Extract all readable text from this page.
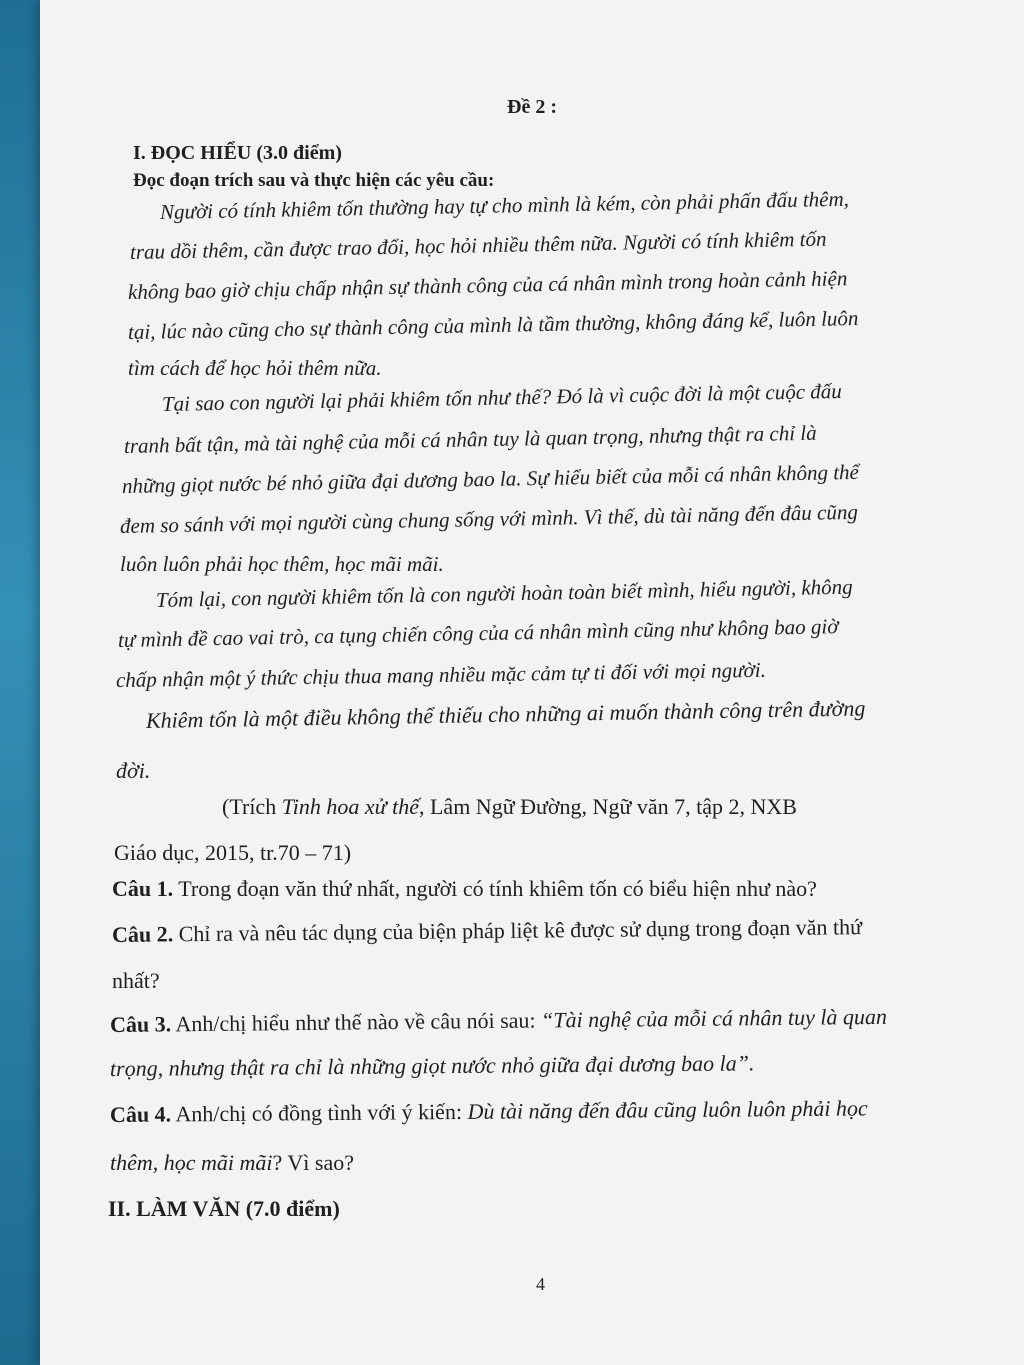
Đề 2 :
I. ĐỌC HIỂU (3.0 điểm)
Đọc đoạn trích sau và thực hiện các yêu cầu:
Người có tính khiêm tốn thường hay tự cho mình là kém, còn phải phấn đấu thêm,
trau dồi thêm, cần được trao đổi, học hỏi nhiều thêm nữa. Người có tính khiêm tốn
không bao giờ chịu chấp nhận sự thành công của cá nhân mình trong hoàn cảnh hiện
tại, lúc nào cũng cho sự thành công của mình là tầm thường, không đáng kể, luôn luôn
tìm cách để học hỏi thêm nữa.
Tại sao con người lại phải khiêm tốn như thế? Đó là vì cuộc đời là một cuộc đấu
tranh bất tận, mà tài nghệ của mỗi cá nhân tuy là quan trọng, nhưng thật ra chỉ là
những giọt nước bé nhỏ giữa đại dương bao la. Sự hiểu biết của mỗi cá nhân không thể
đem so sánh với mọi người cùng chung sống với mình. Vì thế, dù tài năng đến đâu cũng
luôn luôn phải học thêm, học mãi mãi.
Tóm lại, con người khiêm tốn là con người hoàn toàn biết mình, hiểu người, không
tự mình đề cao vai trò, ca tụng chiến công của cá nhân mình cũng như không bao giờ
chấp nhận một ý thức chịu thua mang nhiều mặc cảm tự ti đối với mọi người.
Khiêm tốn là một điều không thể thiếu cho những ai muốn thành công trên đường
đời.
(Trích Tinh hoa xử thế, Lâm Ngữ Đường, Ngữ văn 7, tập 2, NXB
Giáo dục, 2015, tr.70 – 71)
Câu 1. Trong đoạn văn thứ nhất, người có tính khiêm tốn có biểu hiện như nào?
Câu 2. Chỉ ra và nêu tác dụng của biện pháp liệt kê được sử dụng trong đoạn văn thứ
nhất?
Câu 3. Anh/chị hiểu như thế nào về câu nói sau: “Tài nghệ của mỗi cá nhân tuy là quan
trọng, nhưng thật ra chỉ là những giọt nước nhỏ giữa đại dương bao la”.
Câu 4. Anh/chị có đồng tình với ý kiến: Dù tài năng đến đâu cũng luôn luôn phải học
thêm, học mãi mãi? Vì sao?
II. LÀM VĂN (7.0 điểm)
4
